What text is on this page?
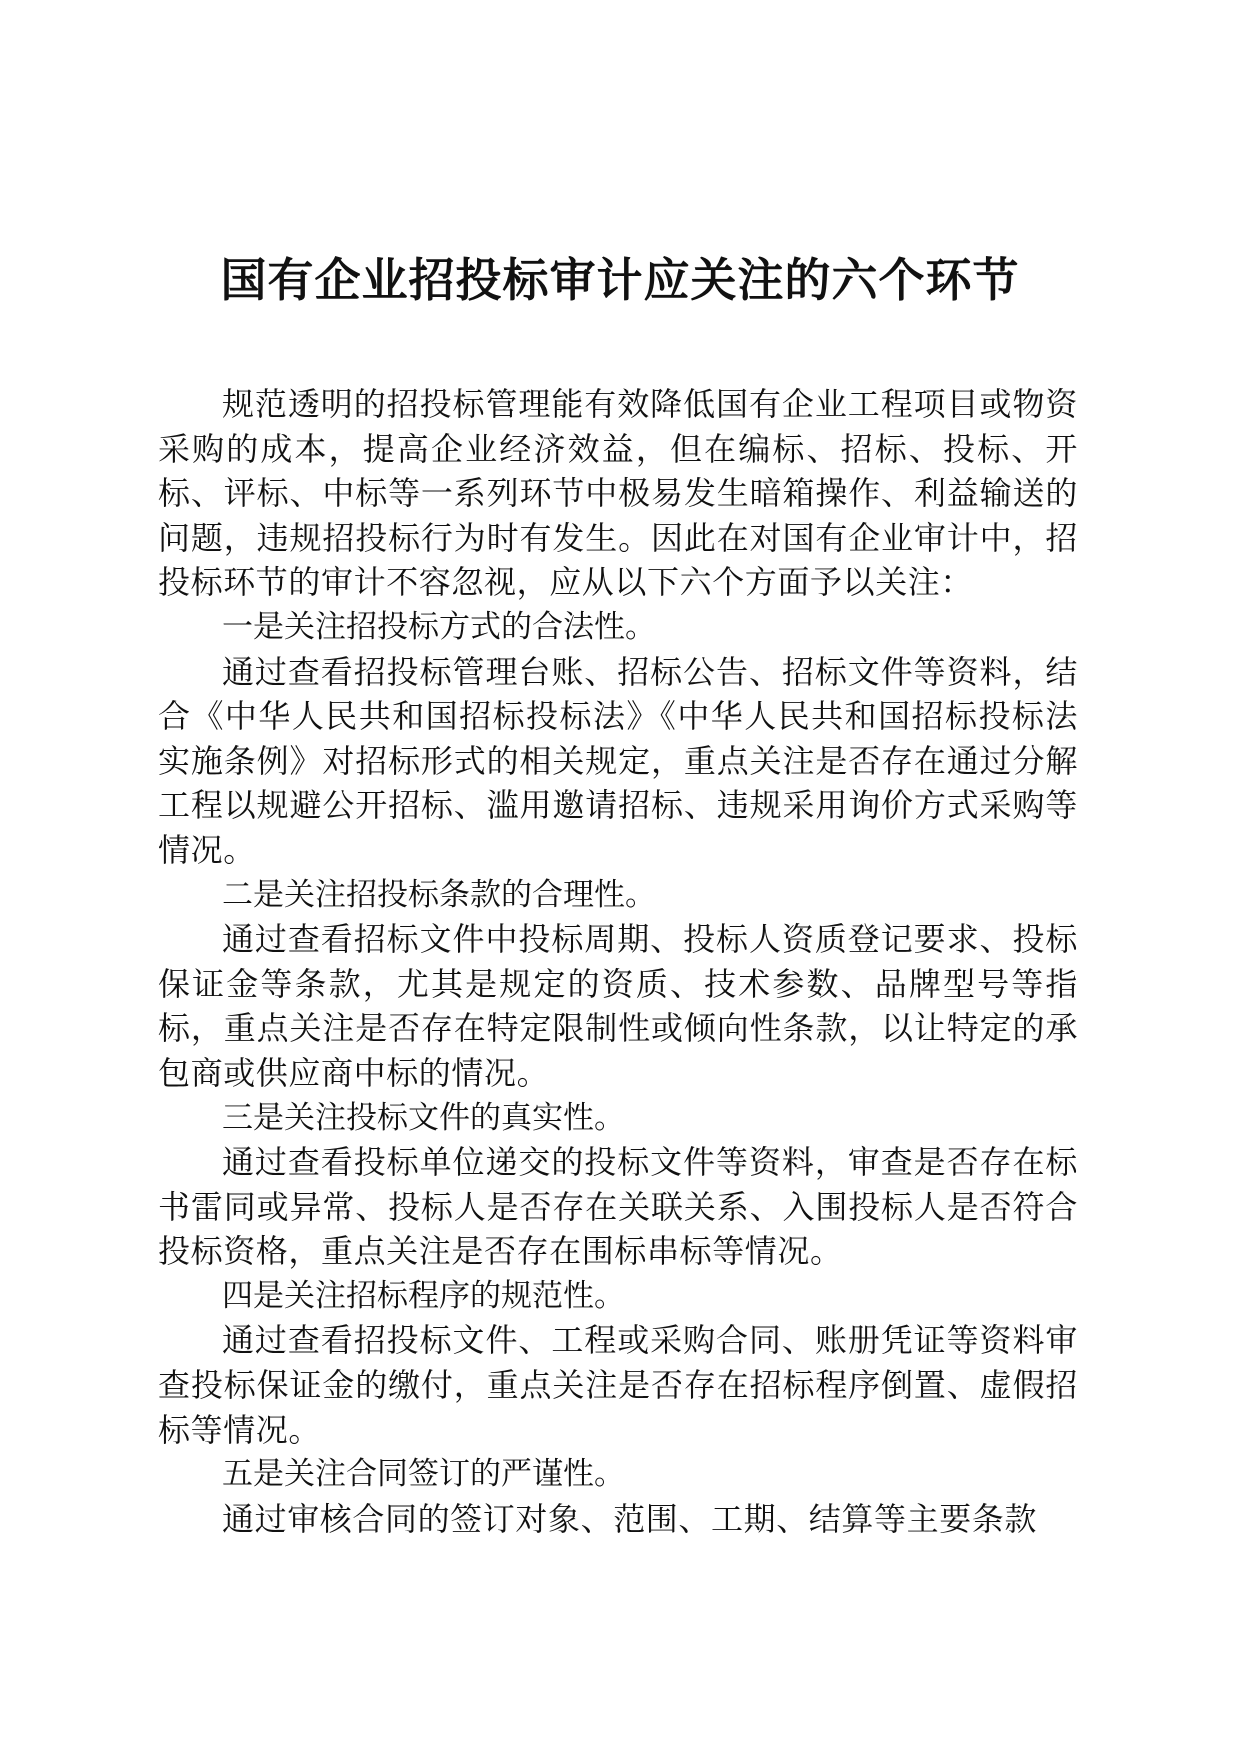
国有企业招投标审计应关注的六个环节

规范透明的招投标管理能有效降低国有企业工程项目或物资采购的成本，提高企业经济效益，但在编标、招标、投标、开标、评标、中标等一系列环节中极易发生暗箱操作、利益输送的问题，违规招投标行为时有发生。因此在对国有企业审计中，招投标环节的审计不容忽视，应从以下六个方面予以关注：

一是关注招投标方式的合法性。

通过查看招投标管理台账、招标公告、招标文件等资料，结合《中华人民共和国招标投标法》《中华人民共和国招标投标法实施条例》对招标形式的相关规定，重点关注是否存在通过分解工程以规避公开招标、滥用邀请招标、违规采用询价方式采购等情况。

二是关注招投标条款的合理性。

通过查看招标文件中投标周期、投标人资质登记要求、投标保证金等条款，尤其是规定的资质、技术参数、品牌型号等指标，重点关注是否存在特定限制性或倾向性条款，以让特定的承包商或供应商中标的情况。

三是关注投标文件的真实性。

通过查看投标单位递交的投标文件等资料，审查是否存在标书雷同或异常、投标人是否存在关联关系、入围投标人是否符合投标资格，重点关注是否存在围标串标等情况。

四是关注招标程序的规范性。

通过查看招投标文件、工程或采购合同、账册凭证等资料审查投标保证金的缴付，重点关注是否存在招标程序倒置、虚假招标等情况。

五是关注合同签订的严谨性。

通过审核合同的签订对象、范围、工期、结算等主要条款
